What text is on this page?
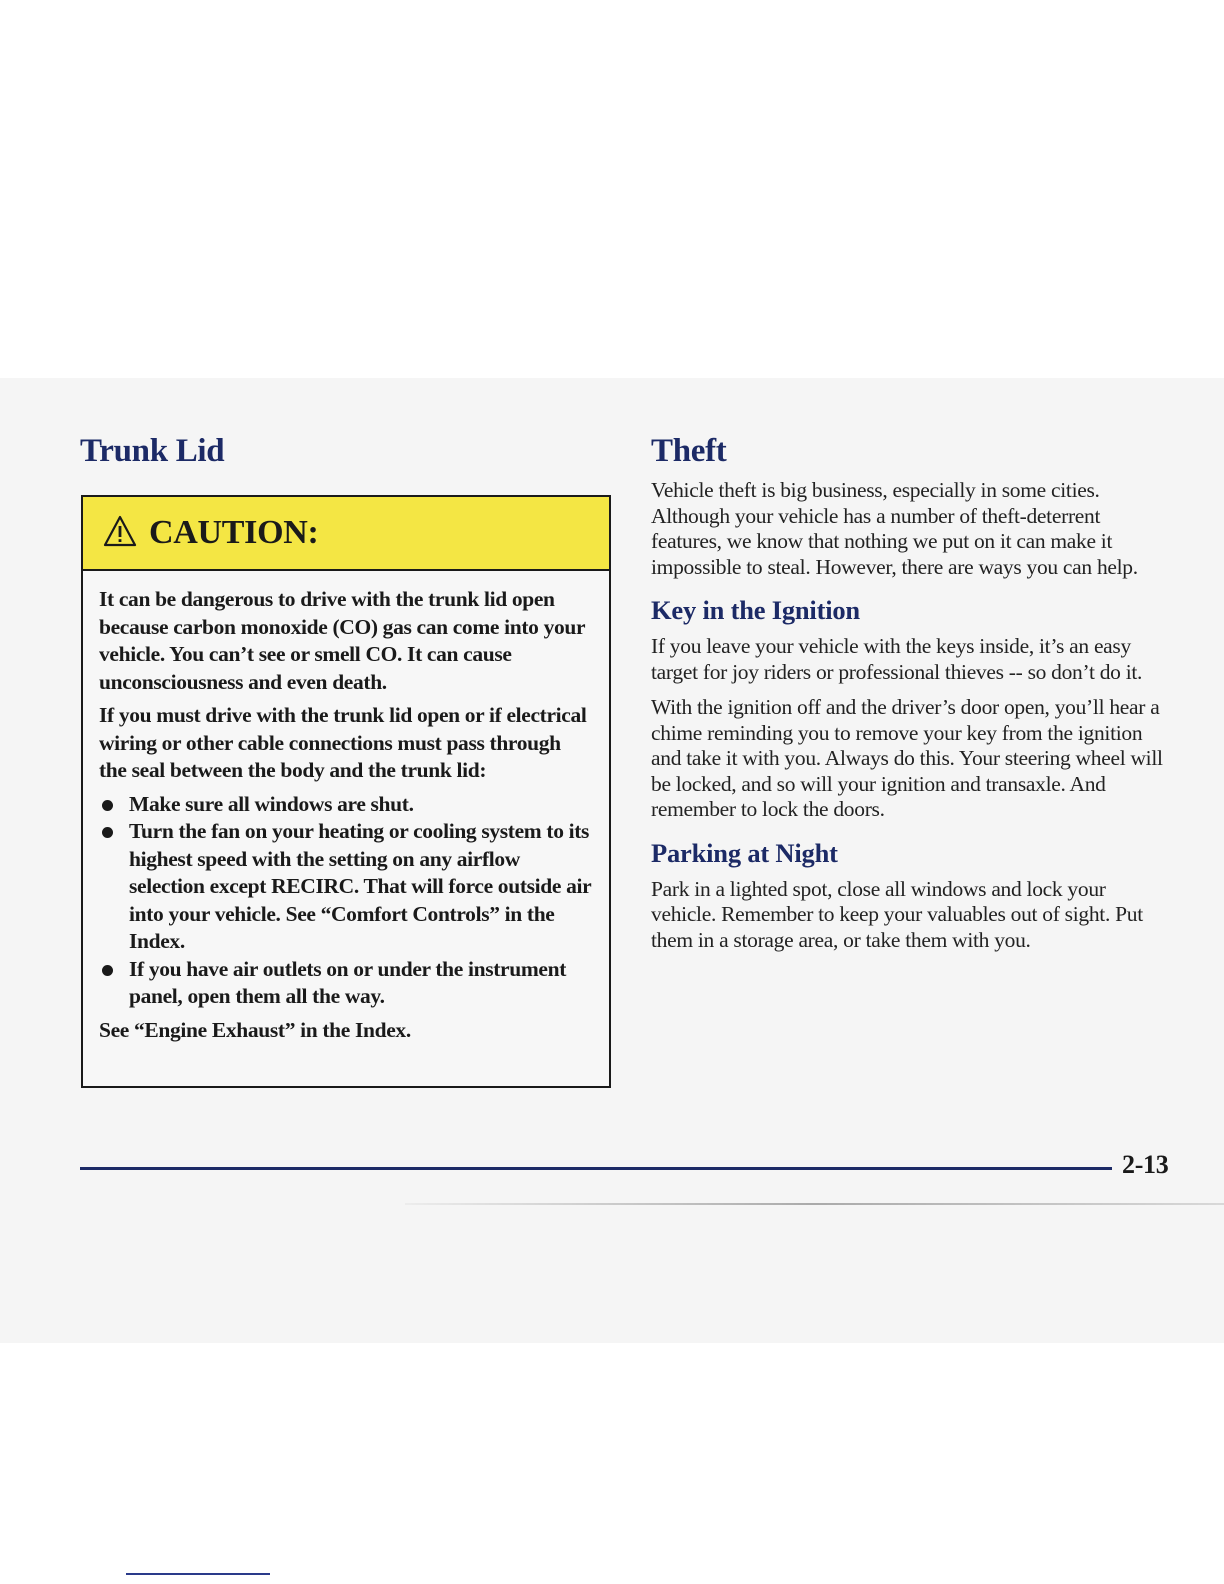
Trunk Lid
CAUTION:

It can be dangerous to drive with the trunk lid open because carbon monoxide (CO) gas can come into your vehicle. You can’t see or smell CO. It can cause unconsciousness and even death.

If you must drive with the trunk lid open or if electrical wiring or other cable connections must pass through the seal between the body and the trunk lid:

Make sure all windows are shut.
Turn the fan on your heating or cooling system to its highest speed with the setting on any airflow selection except RECIRC. That will force outside air into your vehicle. See “Comfort Controls” in the Index.
If you have air outlets on or under the instrument panel, open them all the way.

See “Engine Exhaust” in the Index.

Theft

Vehicle theft is big business, especially in some cities. Although your vehicle has a number of theft-deterrent features, we know that nothing we put on it can make it impossible to steal. However, there are ways you can help.

Key in the Ignition

If you leave your vehicle with the keys inside, it’s an easy target for joy riders or professional thieves -- so don’t do it.

With the ignition off and the driver’s door open, you’ll hear a chime reminding you to remove your key from the ignition and take it with you. Always do this. Your steering wheel will be locked, and so will your ignition and transaxle. And remember to lock the doors.

Parking at Night

Park in a lighted spot, close all windows and lock your vehicle. Remember to keep your valuables out of sight. Put them in a storage area, or take them with you.

2-13
